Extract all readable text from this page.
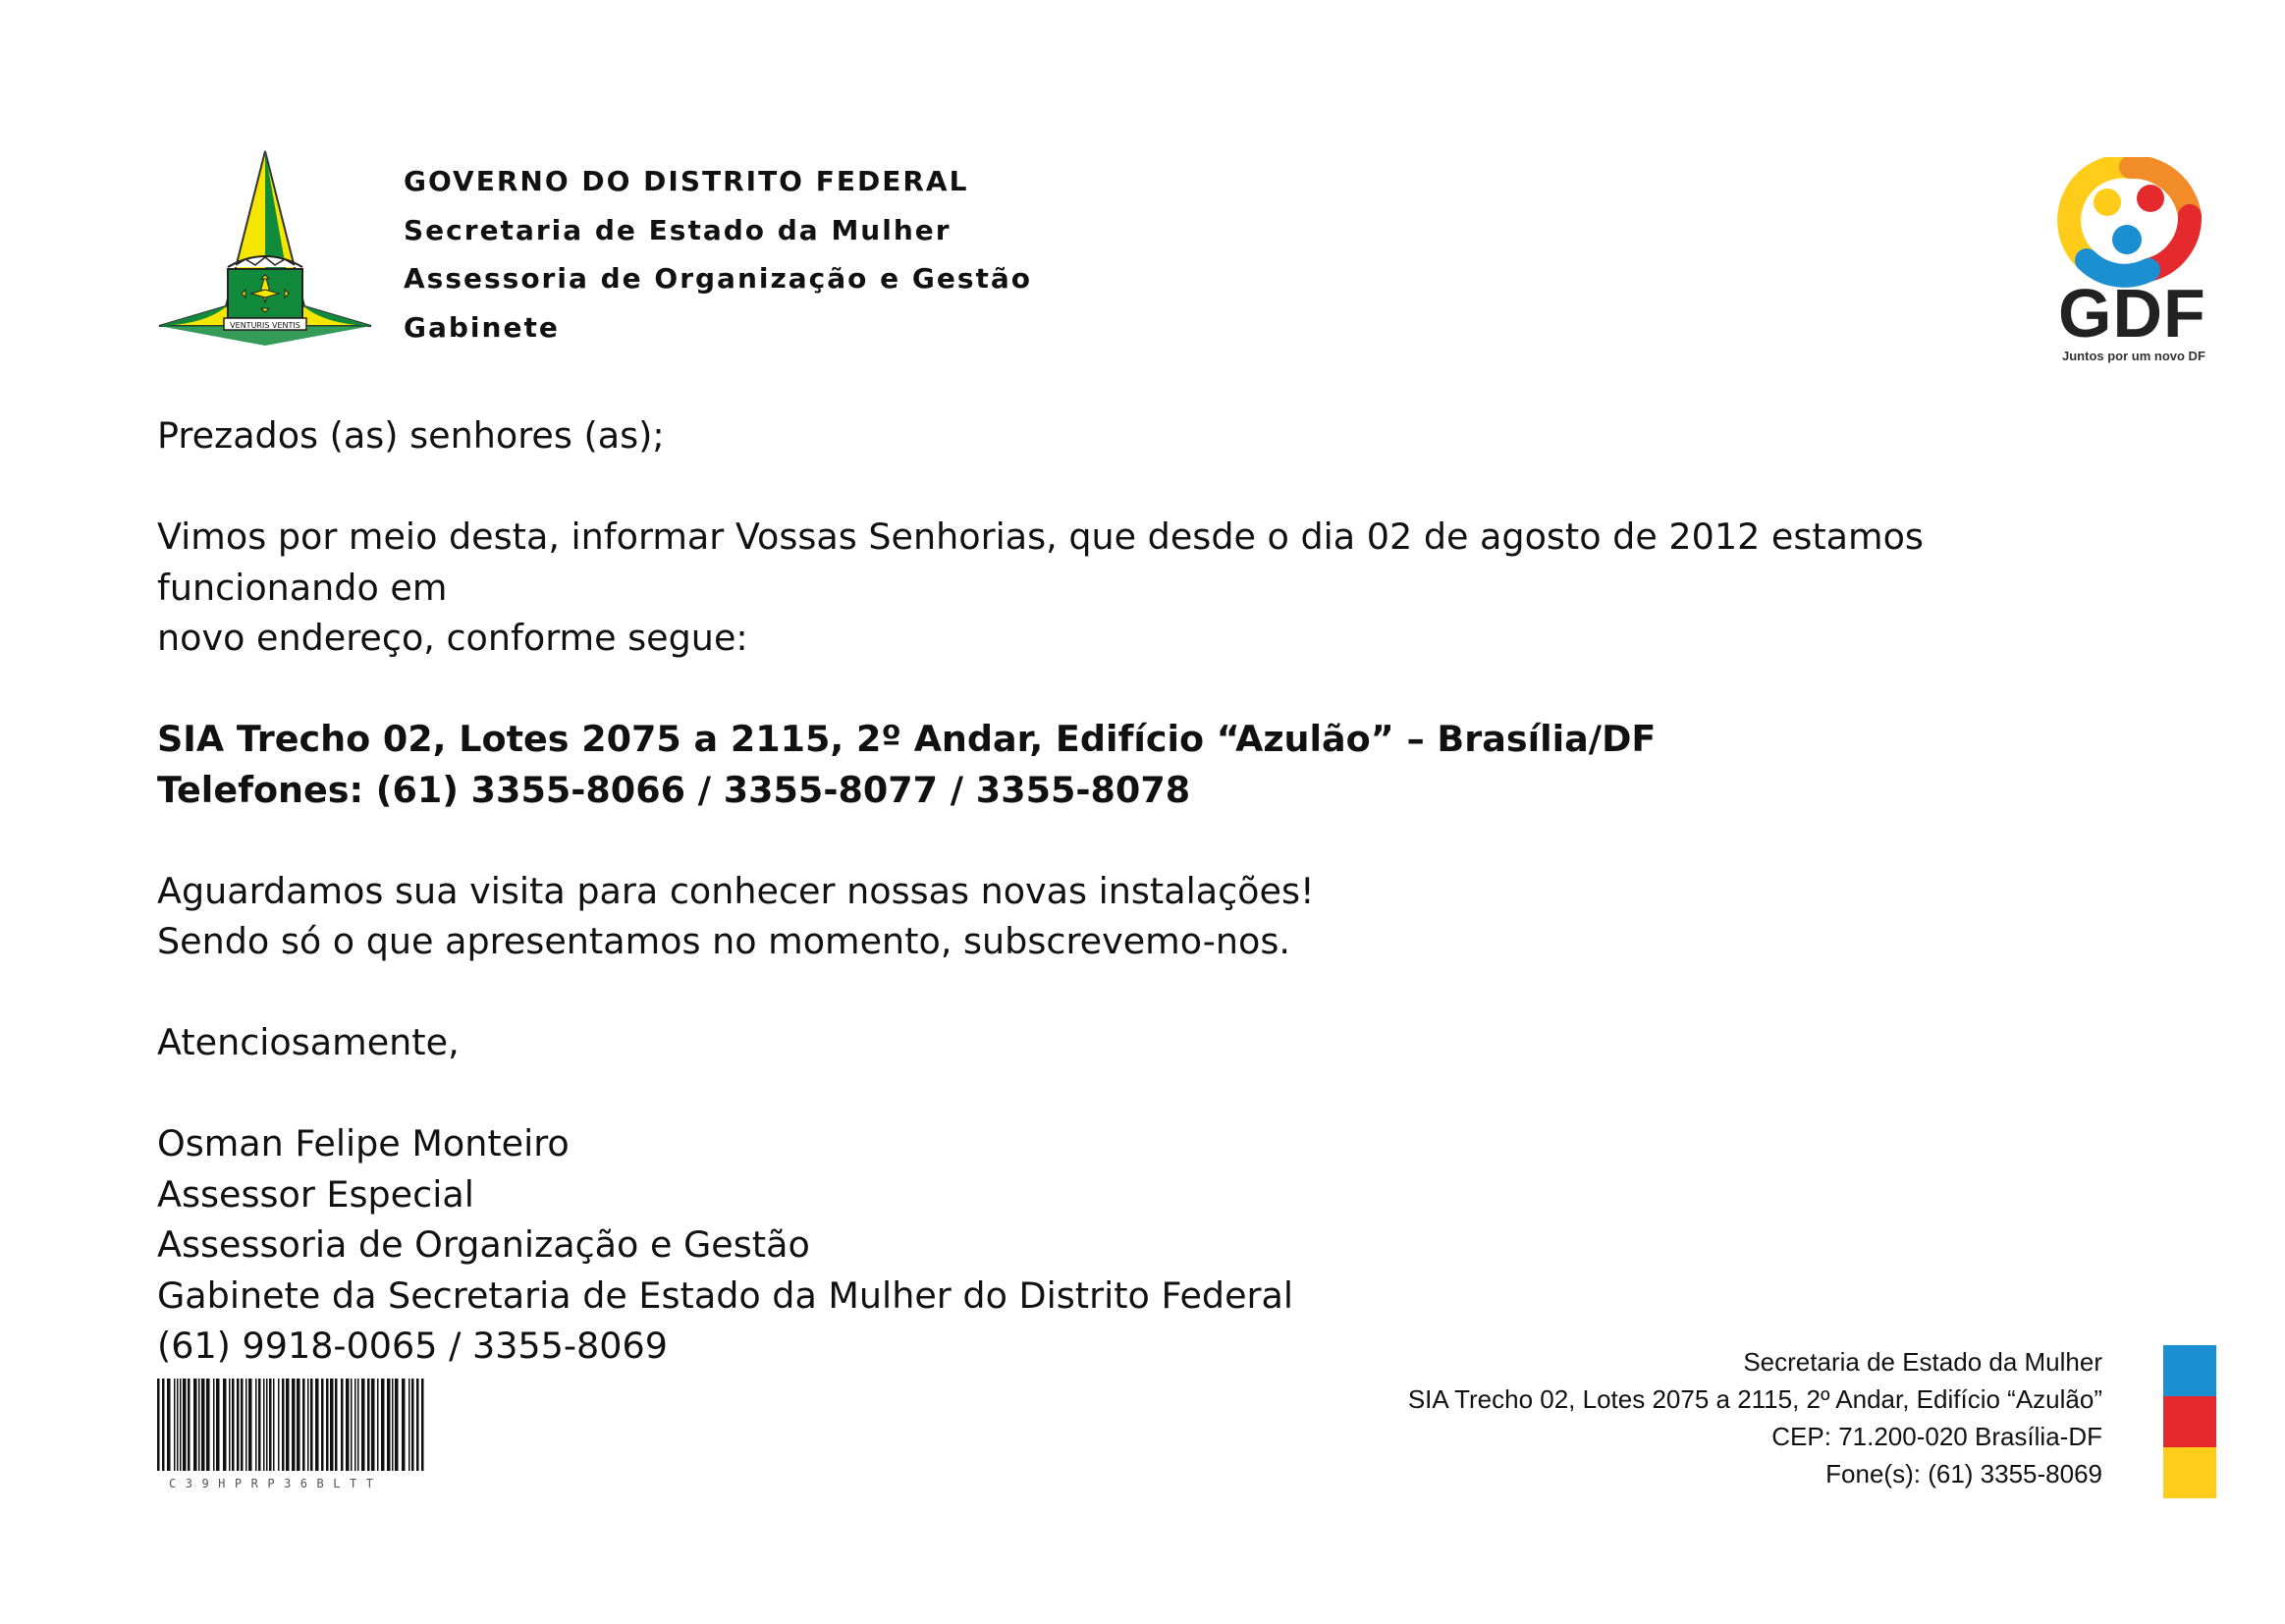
VENTURIS VENTIS
GOVERNO DO DISTRITO FEDERAL
Secretaria de Estado da Mulher
Assessoria de Organização e Gestão
Gabinete	GDF
Juntos por um novo DF

Prezados (as) senhores (as);

Vimos por meio desta, informar Vossas Senhorias, que desde o dia 02 de agosto de 2012 estamos funcionando em

novo endereço, conforme segue:

SIA Trecho 02, Lotes 2075 a 2115, 2º Andar, Edifício “Azulão” – Brasília/DF

Telefones: (61) 3355-8066 / 3355-8077 / 3355-8078

Aguardamos sua visita para conhecer nossas novas instalações!

Sendo só o que apresentamos no momento, subscrevemo-nos.

Atenciosamente,

Osman Felipe Monteiro

Assessor Especial

Assessoria de Organização e Gestão

Gabinete da Secretaria de Estado da Mulher do Distrito Federal

(61) 9918-0065 / 3355-8069

C39HPRP36BLTT
Secretaria de Estado da Mulher
SIA Trecho 02, Lotes 2075 a 2115, 2º Andar, Edifício “Azulão”
CEP: 71.200-020 Brasília-DF
Fone(s): (61) 3355-8069
